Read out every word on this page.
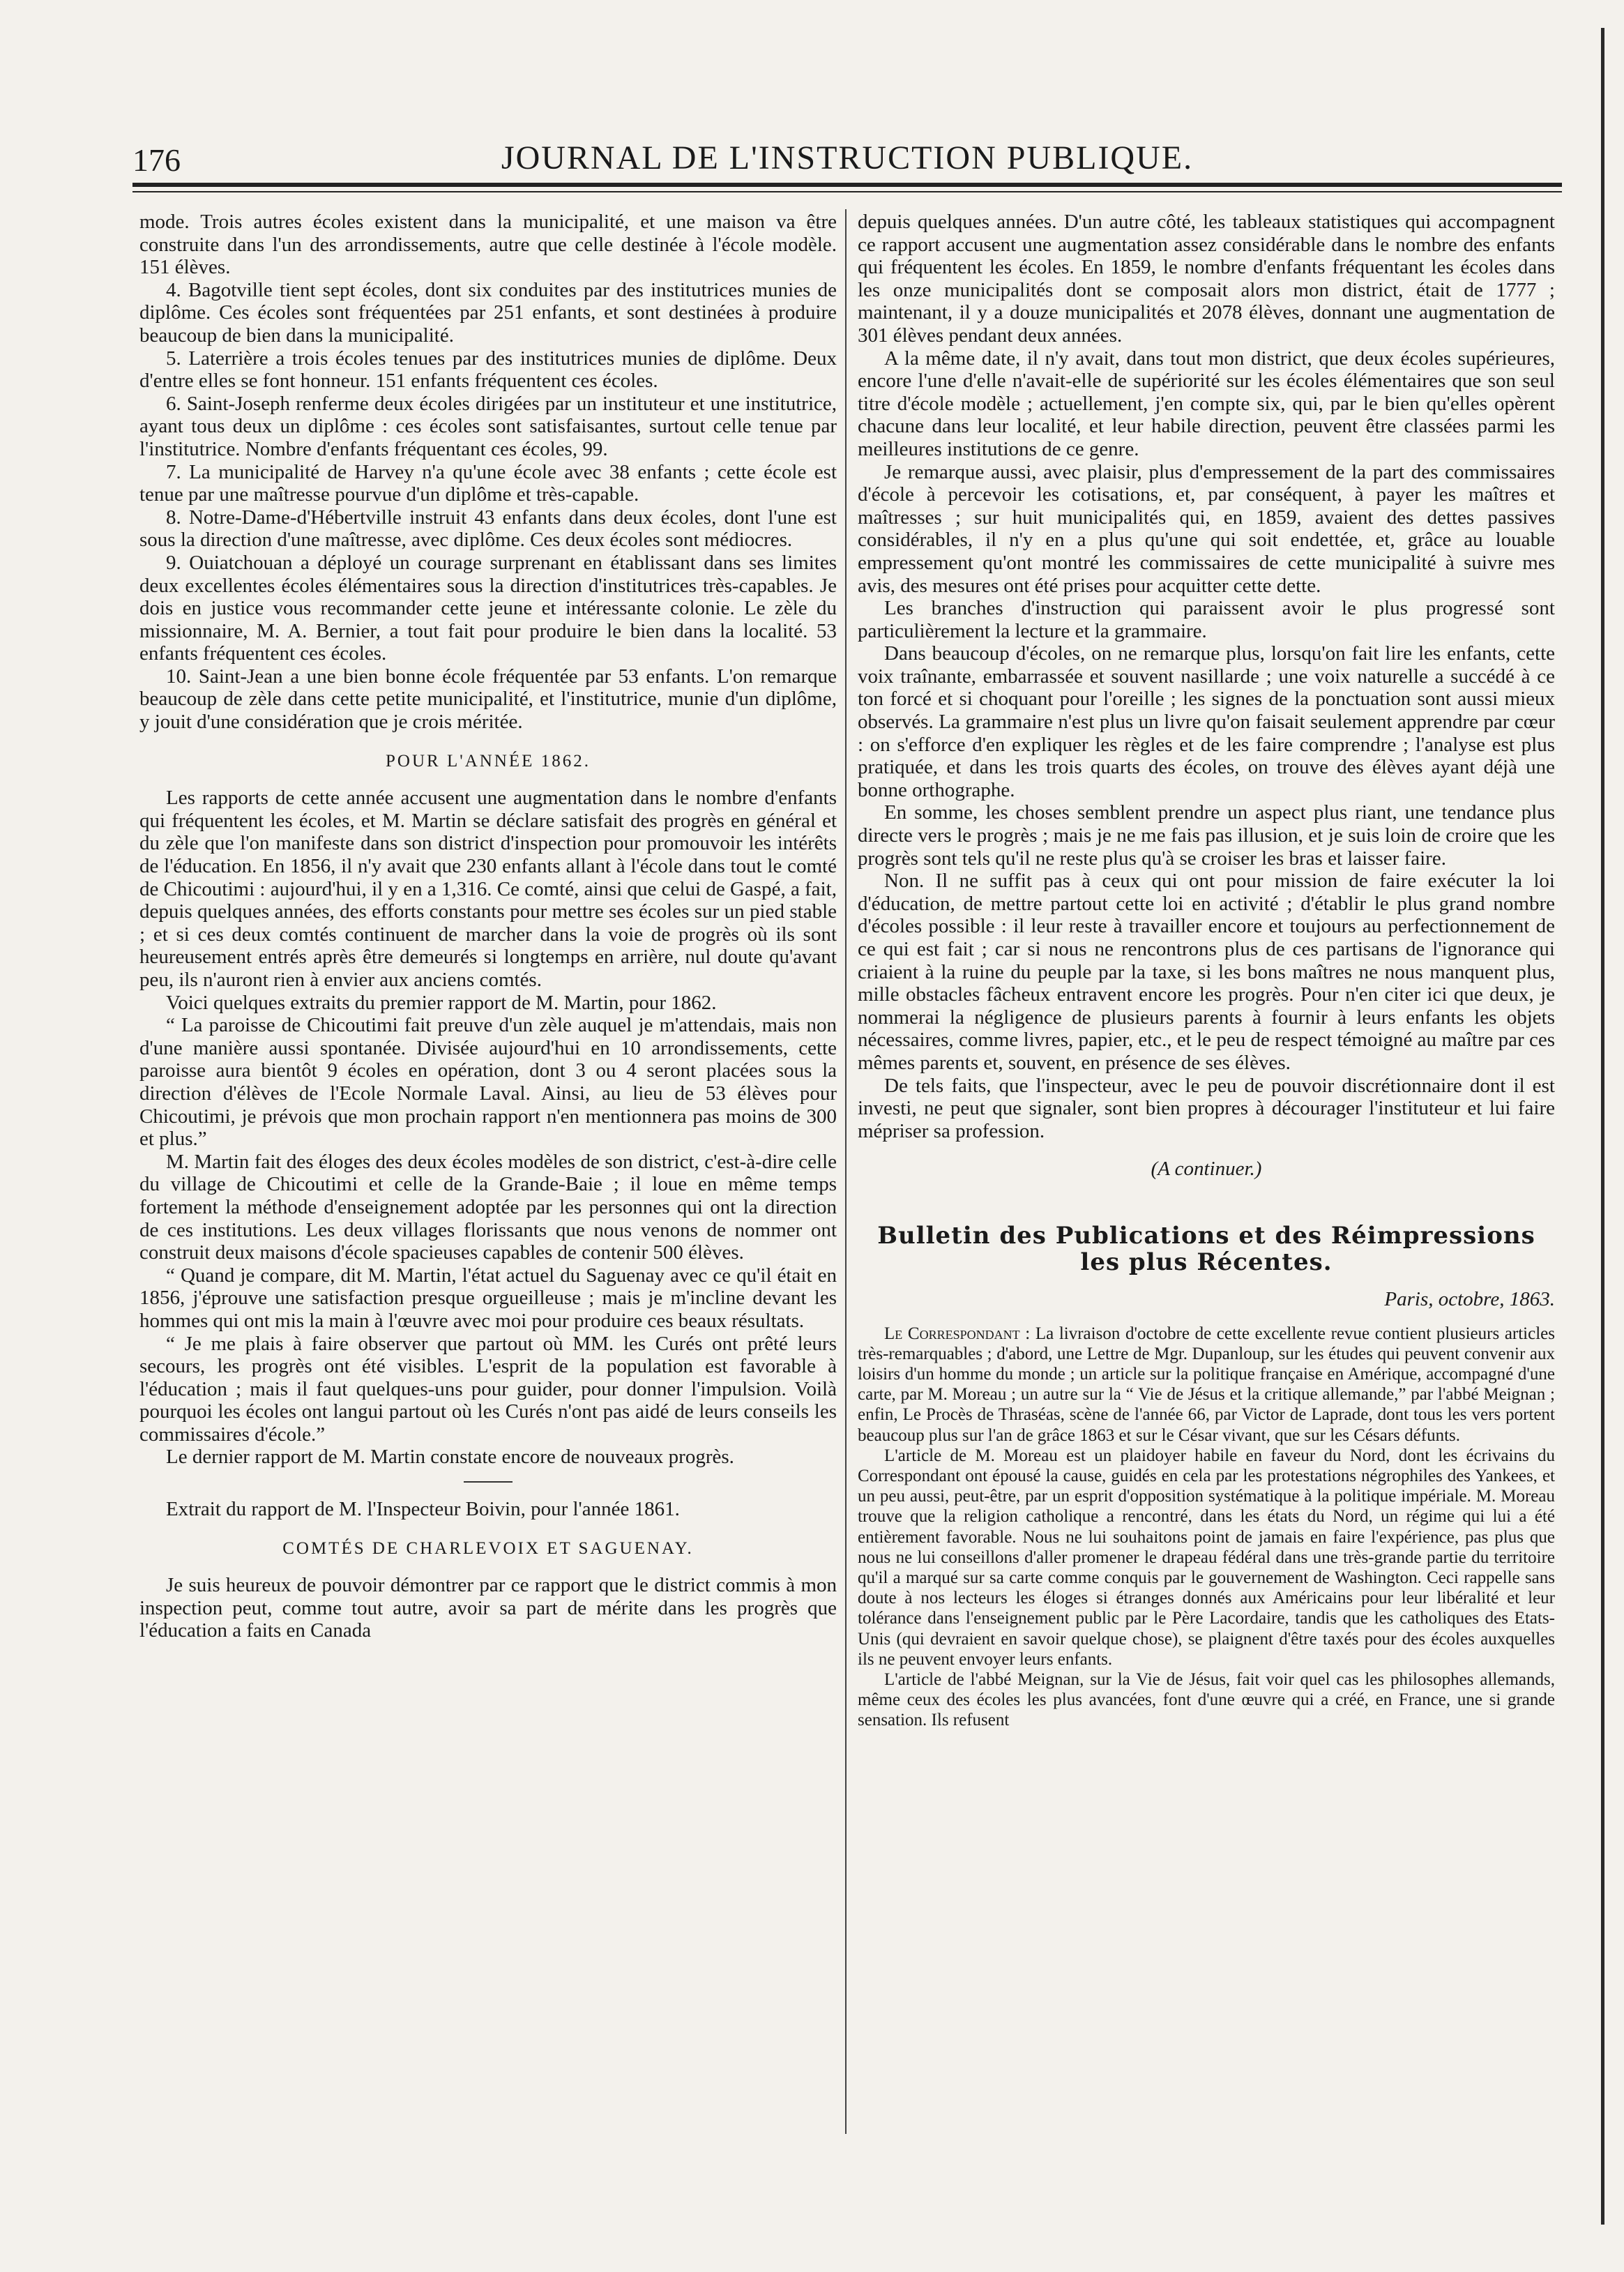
176	JOURNAL DE L'INSTRUCTION PUBLIQUE.

mode. Trois autres écoles existent dans la municipalité, et une maison va être construite dans l'un des arrondissements, autre que celle destinée à l'école modèle. 151 élèves.

4. Bagotville tient sept écoles, dont six conduites par des institutrices munies de diplôme. Ces écoles sont fréquentées par 251 enfants, et sont destinées à produire beaucoup de bien dans la municipalité.

5. Laterrière a trois écoles tenues par des institutrices munies de diplôme. Deux d'entre elles se font honneur. 151 enfants fréquentent ces écoles.

6. Saint-Joseph renferme deux écoles dirigées par un instituteur et une institutrice, ayant tous deux un diplôme : ces écoles sont satisfaisantes, surtout celle tenue par l'institutrice. Nombre d'enfants fréquentant ces écoles, 99.

7. La municipalité de Harvey n'a qu'une école avec 38 enfants ; cette école est tenue par une maîtresse pourvue d'un diplôme et très-capable.

8. Notre-Dame-d'Hébertville instruit 43 enfants dans deux écoles, dont l'une est sous la direction d'une maîtresse, avec diplôme. Ces deux écoles sont médiocres.

9. Ouiatchouan a déployé un courage surprenant en établissant dans ses limites deux excellentes écoles élémentaires sous la direction d'institutrices très-capables. Je dois en justice vous recommander cette jeune et intéressante colonie. Le zèle du missionnaire, M. A. Bernier, a tout fait pour produire le bien dans la localité. 53 enfants fréquentent ces écoles.

10. Saint-Jean a une bien bonne école fréquentée par 53 enfants. L'on remarque beaucoup de zèle dans cette petite municipalité, et l'institutrice, munie d'un diplôme, y jouit d'une considération que je crois méritée.

POUR L'ANNÉE 1862.

Les rapports de cette année accusent une augmentation dans le nombre d'enfants qui fréquentent les écoles, et M. Martin se déclare satisfait des progrès en général et du zèle que l'on manifeste dans son district d'inspection pour promouvoir les intérêts de l'éducation. En 1856, il n'y avait que 230 enfants allant à l'école dans tout le comté de Chicoutimi : aujourd'hui, il y en a 1,316. Ce comté, ainsi que celui de Gaspé, a fait, depuis quelques années, des efforts constants pour mettre ses écoles sur un pied stable ; et si ces deux comtés continuent de marcher dans la voie de progrès où ils sont heureusement entrés après être demeurés si longtemps en arrière, nul doute qu'avant peu, ils n'auront rien à envier aux anciens comtés.

Voici quelques extraits du premier rapport de M. Martin, pour 1862.

“ La paroisse de Chicoutimi fait preuve d'un zèle auquel je m'attendais, mais non d'une manière aussi spontanée. Divisée aujourd'hui en 10 arrondissements, cette paroisse aura bientôt 9 écoles en opération, dont 3 ou 4 seront placées sous la direction d'élèves de l'Ecole Normale Laval. Ainsi, au lieu de 53 élèves pour Chicoutimi, je prévois que mon prochain rapport n'en mentionnera pas moins de 300 et plus.”

M. Martin fait des éloges des deux écoles modèles de son district, c'est-à-dire celle du village de Chicoutimi et celle de la Grande-Baie ; il loue en même temps fortement la méthode d'enseignement adoptée par les personnes qui ont la direction de ces institutions. Les deux villages florissants que nous venons de nommer ont construit deux maisons d'école spacieuses capables de contenir 500 élèves.

“ Quand je compare, dit M. Martin, l'état actuel du Saguenay avec ce qu'il était en 1856, j'éprouve une satisfaction presque orgueilleuse ; mais je m'incline devant les hommes qui ont mis la main à l'œuvre avec moi pour produire ces beaux résultats.

“ Je me plais à faire observer que partout où MM. les Curés ont prêté leurs secours, les progrès ont été visibles. L'esprit de la population est favorable à l'éducation ; mais il faut quelques-uns pour guider, pour donner l'impulsion. Voilà pourquoi les écoles ont langui partout où les Curés n'ont pas aidé de leurs conseils les commissaires d'école.”

Le dernier rapport de M. Martin constate encore de nouveaux progrès.

Extrait du rapport de M. l'Inspecteur Boivin, pour l'année 1861.

COMTÉS DE CHARLEVOIX ET SAGUENAY.

Je suis heureux de pouvoir démontrer par ce rapport que le district commis à mon inspection peut, comme tout autre, avoir sa part de mérite dans les progrès que l'éducation a faits en Canada

depuis quelques années. D'un autre côté, les tableaux statistiques qui accompagnent ce rapport accusent une augmentation assez considérable dans le nombre des enfants qui fréquentent les écoles. En 1859, le nombre d'enfants fréquentant les écoles dans les onze municipalités dont se composait alors mon district, était de 1777 ; maintenant, il y a douze municipalités et 2078 élèves, donnant une augmentation de 301 élèves pendant deux années.

A la même date, il n'y avait, dans tout mon district, que deux écoles supérieures, encore l'une d'elle n'avait-elle de supériorité sur les écoles élémentaires que son seul titre d'école modèle ; actuellement, j'en compte six, qui, par le bien qu'elles opèrent chacune dans leur localité, et leur habile direction, peuvent être classées parmi les meilleures institutions de ce genre.

Je remarque aussi, avec plaisir, plus d'empressement de la part des commissaires d'école à percevoir les cotisations, et, par conséquent, à payer les maîtres et maîtresses ; sur huit municipalités qui, en 1859, avaient des dettes passives considérables, il n'y en a plus qu'une qui soit endettée, et, grâce au louable empressement qu'ont montré les commissaires de cette municipalité à suivre mes avis, des mesures ont été prises pour acquitter cette dette.

Les branches d'instruction qui paraissent avoir le plus progressé sont particulièrement la lecture et la grammaire.

Dans beaucoup d'écoles, on ne remarque plus, lorsqu'on fait lire les enfants, cette voix traînante, embarrassée et souvent nasillarde ; une voix naturelle a succédé à ce ton forcé et si choquant pour l'oreille ; les signes de la ponctuation sont aussi mieux observés. La grammaire n'est plus un livre qu'on faisait seulement apprendre par cœur : on s'efforce d'en expliquer les règles et de les faire comprendre ; l'analyse est plus pratiquée, et dans les trois quarts des écoles, on trouve des élèves ayant déjà une bonne orthographe.

En somme, les choses semblent prendre un aspect plus riant, une tendance plus directe vers le progrès ; mais je ne me fais pas illusion, et je suis loin de croire que les progrès sont tels qu'il ne reste plus qu'à se croiser les bras et laisser faire.

Non. Il ne suffit pas à ceux qui ont pour mission de faire exécuter la loi d'éducation, de mettre partout cette loi en activité ; d'établir le plus grand nombre d'écoles possible : il leur reste à travailler encore et toujours au perfectionnement de ce qui est fait ; car si nous ne rencontrons plus de ces partisans de l'ignorance qui criaient à la ruine du peuple par la taxe, si les bons maîtres ne nous manquent plus, mille obstacles fâcheux entravent encore les progrès. Pour n'en citer ici que deux, je nommerai la négligence de plusieurs parents à fournir à leurs enfants les objets nécessaires, comme livres, papier, etc., et le peu de respect témoigné au maître par ces mêmes parents et, souvent, en présence de ses élèves.

De tels faits, que l'inspecteur, avec le peu de pouvoir discrétionnaire dont il est investi, ne peut que signaler, sont bien propres à décourager l'instituteur et lui faire mépriser sa profession.

(A continuer.)

Bulletin des Publications et des Réimpressions les plus Récentes.

Paris, octobre, 1863.

Le Correspondant : La livraison d'octobre de cette excellente revue contient plusieurs articles très-remarquables ; d'abord, une Lettre de Mgr. Dupanloup, sur les études qui peuvent convenir aux loisirs d'un homme du monde ; un article sur la politique française en Amérique, accompagné d'une carte, par M. Moreau ; un autre sur la “ Vie de Jésus et la critique allemande,” par l'abbé Meignan ; enfin, Le Procès de Thraséas, scène de l'année 66, par Victor de Laprade, dont tous les vers portent beaucoup plus sur l'an de grâce 1863 et sur le César vivant, que sur les Césars défunts.

L'article de M. Moreau est un plaidoyer habile en faveur du Nord, dont les écrivains du Correspondant ont épousé la cause, guidés en cela par les protestations négrophiles des Yankees, et un peu aussi, peut-être, par un esprit d'opposition systématique à la politique impériale. M. Moreau trouve que la religion catholique a rencontré, dans les états du Nord, un régime qui lui a été entièrement favorable. Nous ne lui souhaitons point de jamais en faire l'expérience, pas plus que nous ne lui conseillons d'aller promener le drapeau fédéral dans une très-grande partie du territoire qu'il a marqué sur sa carte comme conquis par le gouvernement de Washington. Ceci rappelle sans doute à nos lecteurs les éloges si étranges donnés aux Américains pour leur libéralité et leur tolérance dans l'enseignement public par le Père Lacordaire, tandis que les catholiques des Etats-Unis (qui devraient en savoir quelque chose), se plaignent d'être taxés pour des écoles auxquelles ils ne peuvent envoyer leurs enfants.

L'article de l'abbé Meignan, sur la Vie de Jésus, fait voir quel cas les philosophes allemands, même ceux des écoles les plus avancées, font d'une œuvre qui a créé, en France, une si grande sensation. Ils refusent
